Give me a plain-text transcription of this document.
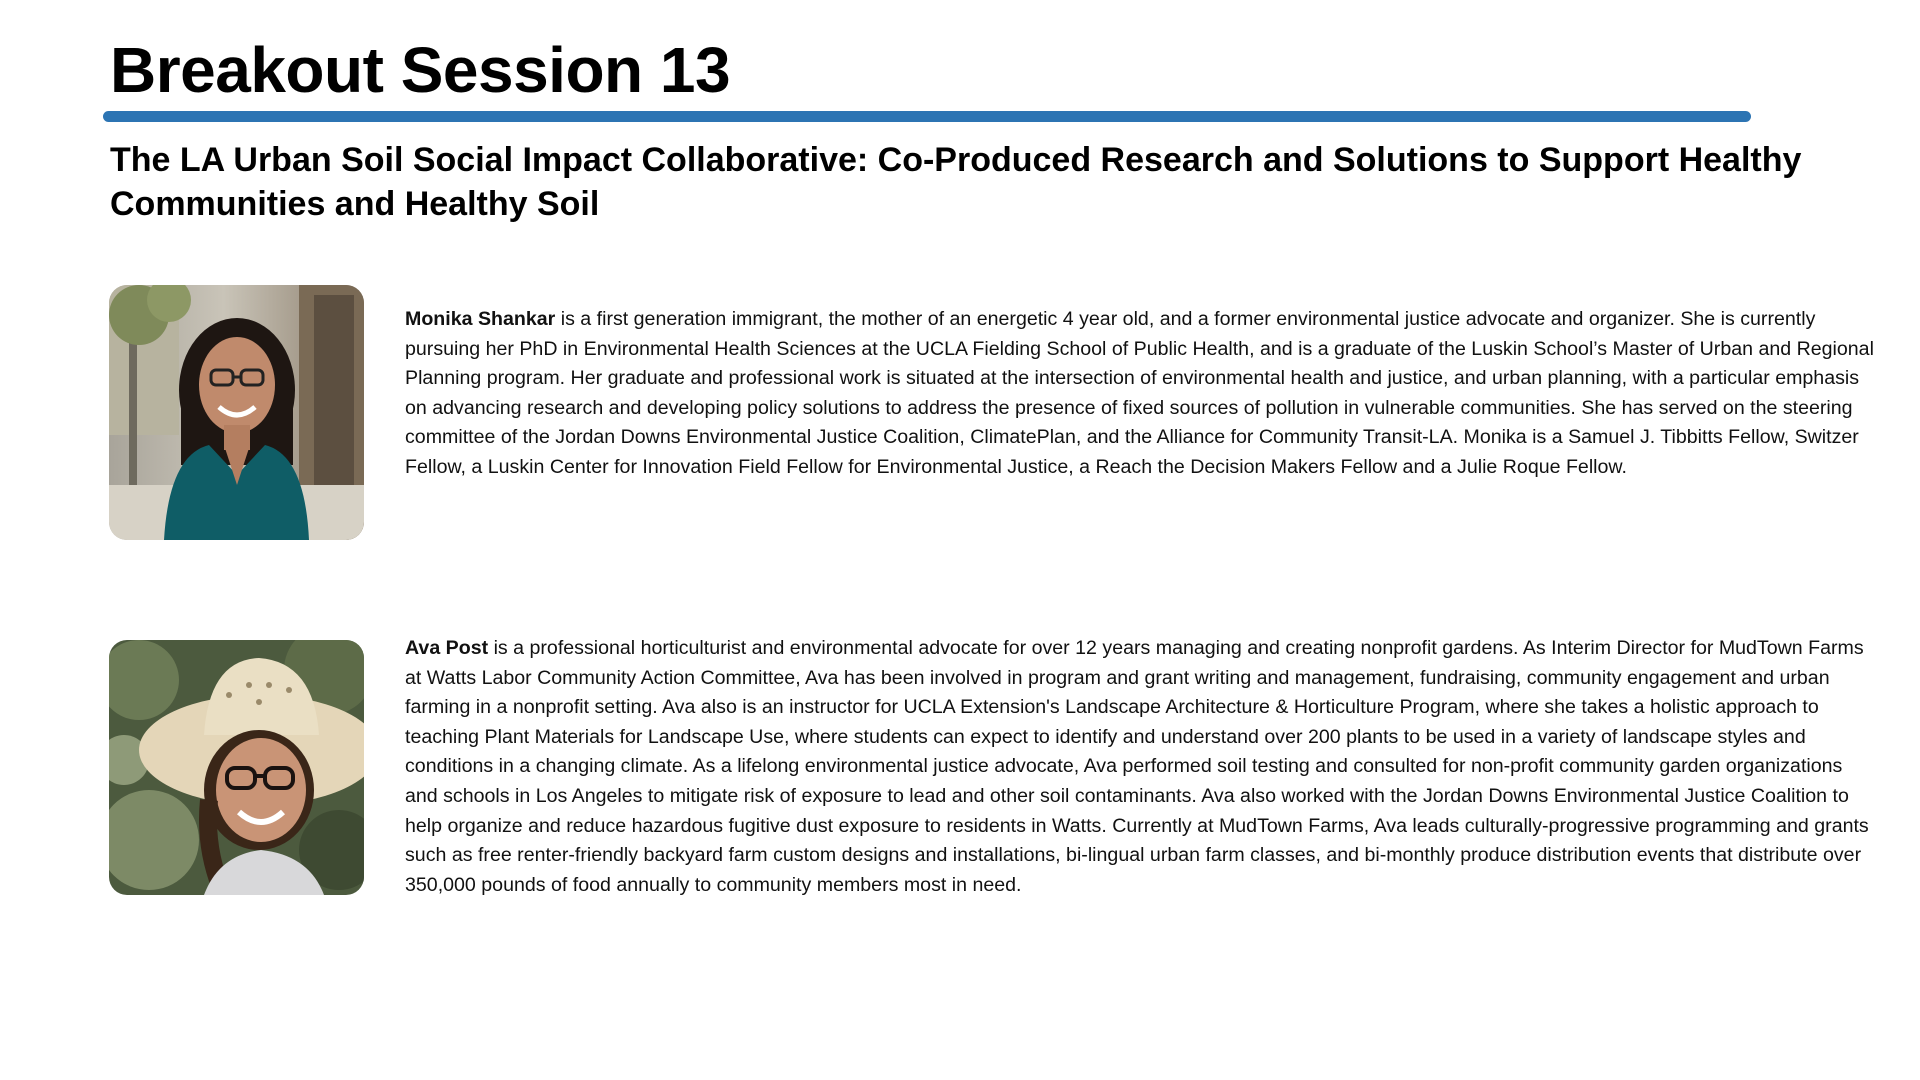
Breakout Session 13
The LA Urban Soil Social Impact Collaborative: Co-Produced Research and Solutions to Support Healthy Communities and Healthy Soil

Monika Shankar is a first generation immigrant, the mother of an energetic 4 year old, and a former environmental justice advocate and organizer. She is currently pursuing her PhD in Environmental Health Sciences at the UCLA Fielding School of Public Health, and is a graduate of the Luskin School’s Master of Urban and Regional Planning program. Her graduate and professional work is situated at the intersection of environmental health and justice, and urban planning, with a particular emphasis on advancing research and developing policy solutions to address the presence of fixed sources of pollution in vulnerable communities. She has served on the steering committee of the Jordan Downs Environmental Justice Coalition, ClimatePlan, and the Alliance for Community Transit-LA. Monika is a Samuel J. Tibbitts Fellow, Switzer Fellow, a Luskin Center for Innovation Field Fellow for Environmental Justice, a Reach the Decision Makers Fellow and a Julie Roque Fellow.

Ava Post is a professional horticulturist and environmental advocate for over 12 years managing and creating nonprofit gardens. As Interim Director for MudTown Farms at Watts Labor Community Action Committee, Ava has been involved in program and grant writing and management, fundraising, community engagement and urban farming in a nonprofit setting. Ava also is an instructor for UCLA Extension's Landscape Architecture & Horticulture Program, where she takes a holistic approach to teaching Plant Materials for Landscape Use, where students can expect to identify and understand over 200 plants to be used in a variety of landscape styles and conditions in a changing climate. As a lifelong environmental justice advocate, Ava performed soil testing and consulted for non-profit community garden organizations and schools in Los Angeles to mitigate risk of exposure to lead and other soil contaminants. Ava also worked with the Jordan Downs Environmental Justice Coalition to help organize and reduce hazardous fugitive dust exposure to residents in Watts. Currently at MudTown Farms, Ava leads culturally-progressive programming and grants such as free renter-friendly backyard farm custom designs and installations, bi-lingual urban farm classes, and bi-monthly produce distribution events that distribute over 350,000 pounds of food annually to community members most in need.
